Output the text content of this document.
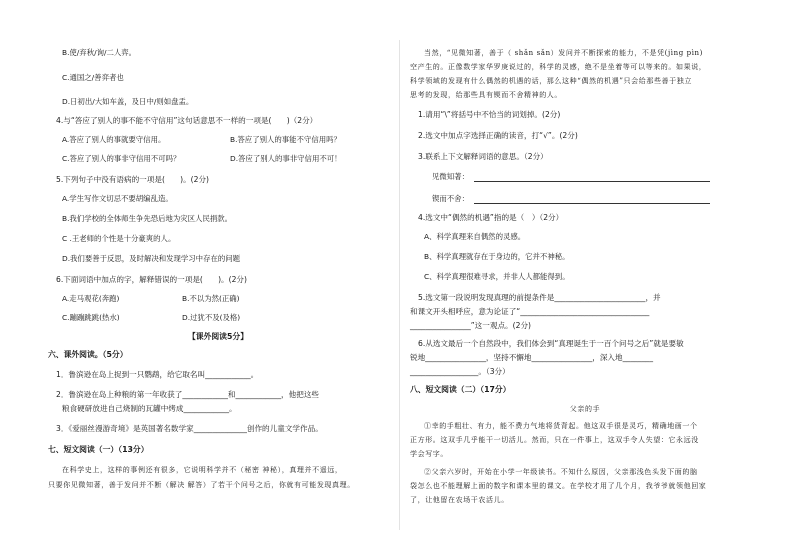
B.使/弃秋/询/二人弈。
C.通国之/善弈者也
D.日初出/大如车盖，及日中/则如盘盂。
4.与“答应了别人的事不能不守信用”这句话意思不一样的一项是(　　)（2分）
A.答应了别人的事就要守信用。	B.答应了别人的事能不守信用吗？
C.答应了别人的事非守信用不可吗？	D.答应了别人的事非守信用不可！
5.下列句子中没有语病的一项是(　　)。(2分)
A.学生写作文切忌不要胡编乱造。
B.我们学校的全体师生争先恐后地为灾区人民捐款。
C .王老师的个性是十分豪爽的人。
D.我们要善于反思，及时解决和发现学习中存在的问题
6.下面词语中加点的字，解释错误的一项是(　　)。(2分)
A.走马观花(奔跑)	B.不以为然(正确)
C.蹦蹦跳跳(热水)	D.过犹不及(及格)
【课外阅读5分】
六、课外阅读。（5分）
1．鲁滨逊在岛上捉到一只鹦鹉，给它取名叫____________。
2．鲁滨逊在岛上种粮的第一年收获了____________和____________，他把这些
粮食硬研放进自己烧制的瓦罐中烤成____________。
3．《爱丽丝漫游奇境》是英国著名数学家______________创作的儿童文学作品。
七、短文阅读（一）（13分）
在科学史上，这样的事例还有很多，它说明科学并不（秘密 神秘），真理并不遥远，
只要你见微知著，善于发问并不断（解决 解答）了若干个问号之后，你就有可能发现真理。
当然，“见微知著，善于（ shǎn sǎn）发问并不断探索的能力，不是凭(jìng pìn)
空产生的。正像数学家华罗庚说过的，科学的灵感，绝不是坐着等可以等来的。如果说，
科学领域的发现有什么偶然的机遇的话，那么这种“偶然的机遇”只会给那些善于独立
思考的发现，给那些具有锲而不舍精神的人。
1.请用“\”将括号中不恰当的词划掉。(2分)
2.选文中加点字选择正确的读音，打“√”。(2分)
3.联系上下文解释词语的意思。（2分）
见微知著：
锲而不舍：
4.选文中“偶然的机遇”指的是（　）（2分）
A、科学真理来自偶然的灵感。
B、科学真理就存在于身边的，它并不神秘。
C、科学真理很难寻求，并非人人都能得到。
5.选文第一段说明发现真理的前提条件是________________________，并
和课文开头相呼应，意为论证了“__________________________________
________________”这一观点。(2分)
6.从选文最后一个自然段中，我们体会到“真理诞生于一百个问号之后”就是要敏
锐地________________，坚持不懈地________________，深入地________
__________________。（3分）
八、短文阅读（二）（17分）
父亲的手
①幸的手粗壮、有力，能不费力气地将货背起。他这双手很是灵巧，精确地画一个
正方形。这双手几乎能干一切活儿。然而，只在一件事上，这双手令人失望：它永远没
学会写字。
②父亲六岁时，开始在小学一年级读书。不知什么原因，父亲那浅色头发下面的脑
袋怎么也不能理解上面的数字和课本里的课文。在学校才用了几个月，我爷爷就领他回家
了，让他留在农场干农活儿。
